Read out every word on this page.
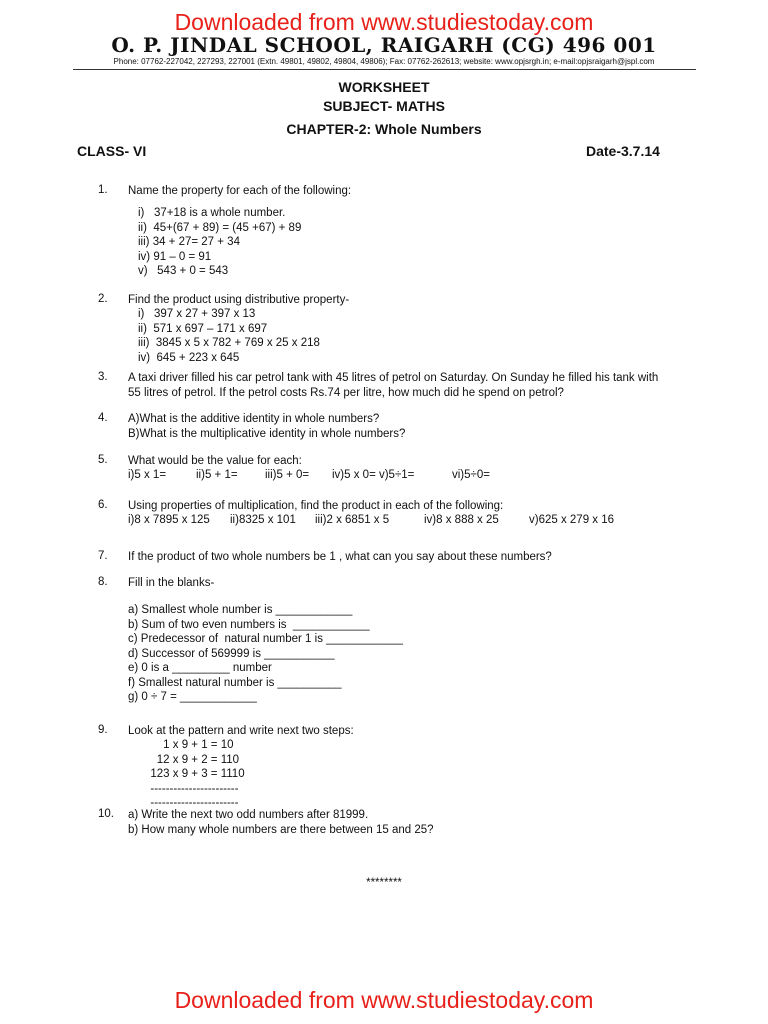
Downloaded from www.studiestoday.com
O. P. JINDAL SCHOOL, RAIGARH (CG) 496 001
Phone: 07762-227042, 227293, 227001 (Extn. 49801, 49802, 49804, 49806); Fax: 07762-262613; website: www.opjsrgh.in; e-mail:opjsraigarh@jspl.com
WORKSHEET
SUBJECT- MATHS
CHAPTER-2: Whole Numbers
CLASS- VI	Date-3.7.14
1.	Name the property for each of the following:
i)   37+18 is a whole number.
ii)  45+(67 + 89) = (45 +67) + 89
iii) 34 + 27= 27 + 34
iv) 91 – 0 = 91
v)   543 + 0 = 543
2.	Find the product using distributive property-
i)   397 x 27 + 397 x 13
ii)  571 x 697 – 171 x 697
iii)  3845 x 5 x 782 + 769 x 25 x 218
iv)  645 + 223 x 645
3.	A taxi driver filled his car petrol tank with 45 litres of petrol on Saturday. On Sunday he filled his tank with
55 litres of petrol. If the petrol costs Rs.74 per litre, how much did he spend on petrol?
4.	A)What is the additive identity in whole numbers?
B)What is the multiplicative identity in whole numbers?
5.	What would be the value for each:
i)5 x 1=	ii)5 + 1= iii)5 + 0= iv)5 x 0= v)5÷1=	vi)5÷0=
6.	Using properties of multiplication, find the product in each of the following:
i)8 x 7895 x 125 ii)8325 x 101 iii)2 x 6851 x 5	iv)8 x 888 x 25	v)625 x 279 x 16
7.	If the product of two whole numbers be 1 , what can you say about these numbers?
8.	Fill in the blanks-
a) Smallest whole number is ____________
b) Sum of two even numbers is  ____________
c) Predecessor of  natural number 1 is ____________
d) Successor of 569999 is ___________
e) 0 is a _________ number
f) Smallest natural number is __________
g) 0 ÷ 7 = ____________
9.	Look at the pattern and write next two steps:
1 x 9 + 1 = 10
12 x 9 + 2 = 110
123 x 9 + 3 = 1110
-----------------------
-----------------------
10.	a) Write the next two odd numbers after 81999.
b) How many whole numbers are there between 15 and 25?
********
Downloaded from www.studiestoday.com
